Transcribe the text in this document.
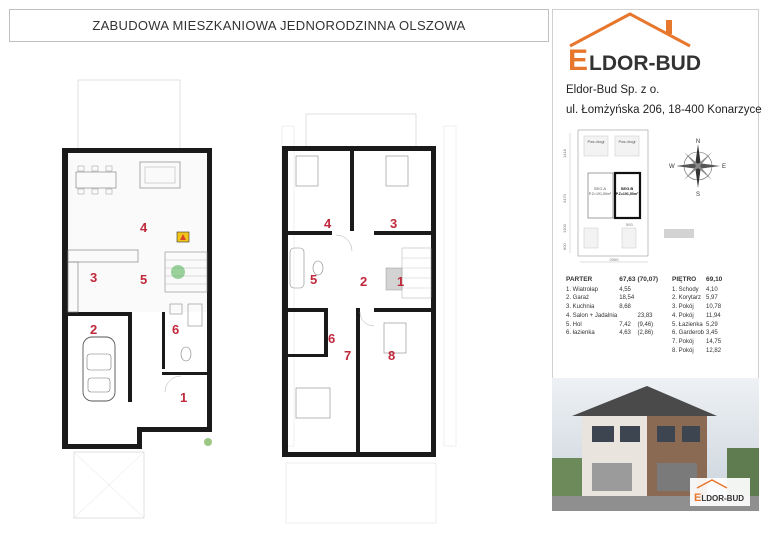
ZABUDOWA MIESZKANIOWA JEDNORODZINNA OLSZOWA
E LDOR-BUD
Eldor-Bud Sp. z o.
ul. Łomżyńska 206, 18-400 Konarzyce
Pas drogi	Pas drogi
SEG.A
P.Z=191,50m²
SEG.B
P.Z=191,50m²
1418
3470
1300
800
2000
593
N
S
E
W
PARTER	67,63	(70,07)
1. Wiatrołap	4,55	
2. Garaż	18,54	
3. Kuchnia	8,68	
4. Salon + Jadalnia		23,83
5. Hol	7,42	(9,46)
6. łazienka	4,63	(2,86)
PIĘTRO	69,10
1. Schody	4,10
2. Korytarz	5,97
3. Pokój	10,78
4. Pokój	11,94
5. Łazienka	5,29
6. Garderob	3,45
7. Pokój	14,75
8. Pokój	12,82
ELDOR-BUD
1
2
3
4
5
6
1
2
3
4
5
6
7	8
